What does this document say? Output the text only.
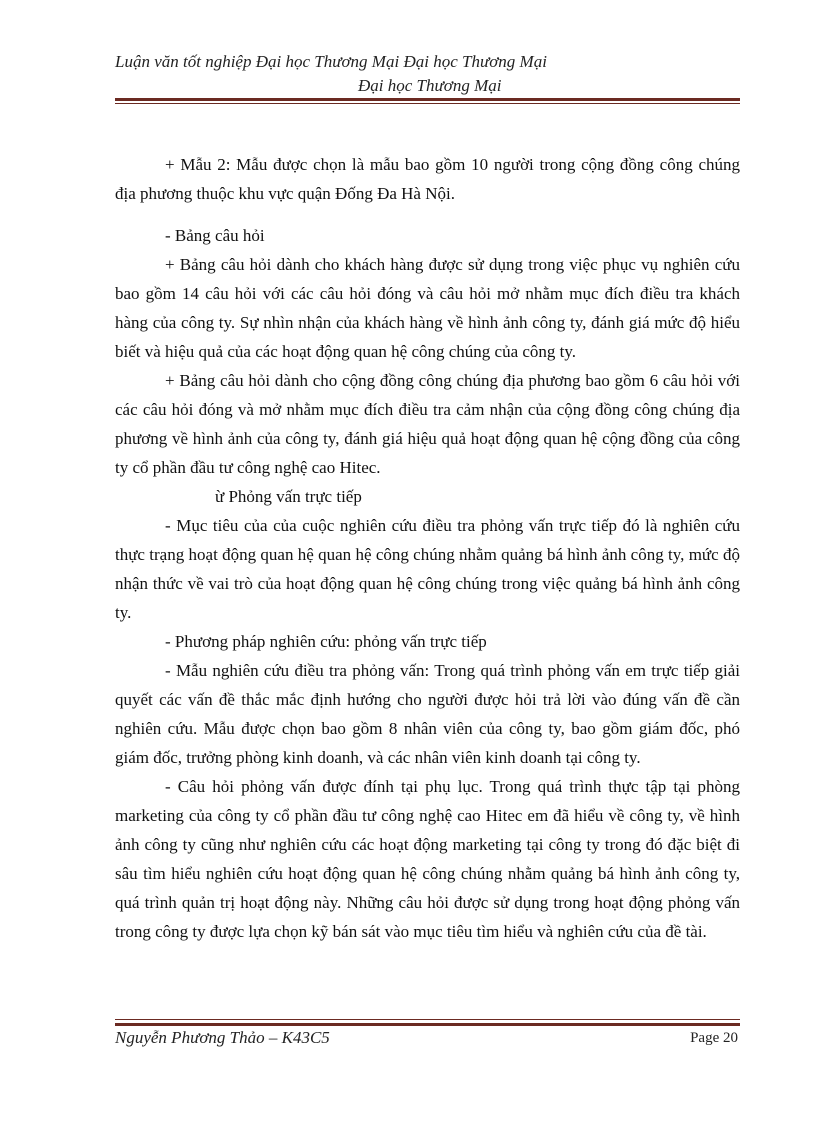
Luận văn tốt nghiệp Đại học Thương Mại Đại học Thương Mại
Đại học Thương Mại

+ Mẫu 2: Mẫu được chọn là mẫu bao gồm 10 người trong cộng đồng công chúng địa phương thuộc khu vực quận Đống Đa Hà Nội.

- Bảng câu hỏi

+ Bảng câu hỏi dành cho khách hàng được sử dụng trong việc phục vụ nghiên cứu bao gồm 14 câu hỏi với các câu hỏi đóng và câu hỏi mở nhằm mục đích điều tra khách hàng của công ty. Sự nhìn nhận của khách hàng về hình ảnh công ty, đánh giá mức độ hiểu biết và hiệu quả của các hoạt động quan hệ công chúng của công ty.

+ Bảng câu hỏi dành cho cộng đồng công chúng địa phương bao gồm 6 câu hỏi với các câu hỏi đóng và mở nhằm mục đích điều tra cảm nhận của cộng đồng công chúng địa phương về hình ảnh của công ty, đánh giá hiệu quả hoạt động quan hệ cộng đồng của công ty cổ phần đầu tư công nghệ cao Hitec.

ừ Phỏng vấn trực tiếp

- Mục tiêu của của cuộc nghiên cứu điều tra phỏng vấn trực tiếp đó là nghiên cứu thực trạng hoạt động quan hệ quan hệ công chúng nhằm quảng bá hình ảnh công ty, mức độ nhận thức về vai trò của hoạt động quan hệ công chúng trong việc quảng bá hình ảnh công ty.

- Phương pháp nghiên cứu: phỏng vấn trực tiếp

- Mẫu nghiên cứu điều tra phỏng vấn: Trong quá trình phỏng vấn em trực tiếp giải quyết các vấn đề thắc mắc định hướng cho người được hỏi trả lời vào đúng vấn đề cần nghiên cứu. Mẫu được chọn bao gồm 8 nhân viên của công ty, bao gồm giám đốc, phó giám đốc, trưởng phòng kinh doanh, và các nhân viên kinh doanh tại công ty.

- Câu hỏi phỏng vấn được đính tại phụ lục. Trong quá trình thực tập tại phòng marketing của công ty cổ phần đầu tư công nghệ cao Hitec em đã hiểu về công ty, về hình ảnh công ty cũng như nghiên cứu các hoạt động marketing tại công ty trong đó đặc biệt đi sâu tìm hiểu nghiên cứu hoạt động quan hệ công chúng nhằm quảng bá hình ảnh công ty, quá trình quản trị hoạt động này. Những câu hỏi được sử dụng trong hoạt động phỏng vấn trong công ty được lựa chọn kỹ bán sát vào mục tiêu tìm hiểu và nghiên cứu của đề tài.

Nguyễn Phương Thảo – K43C5	Page 20
